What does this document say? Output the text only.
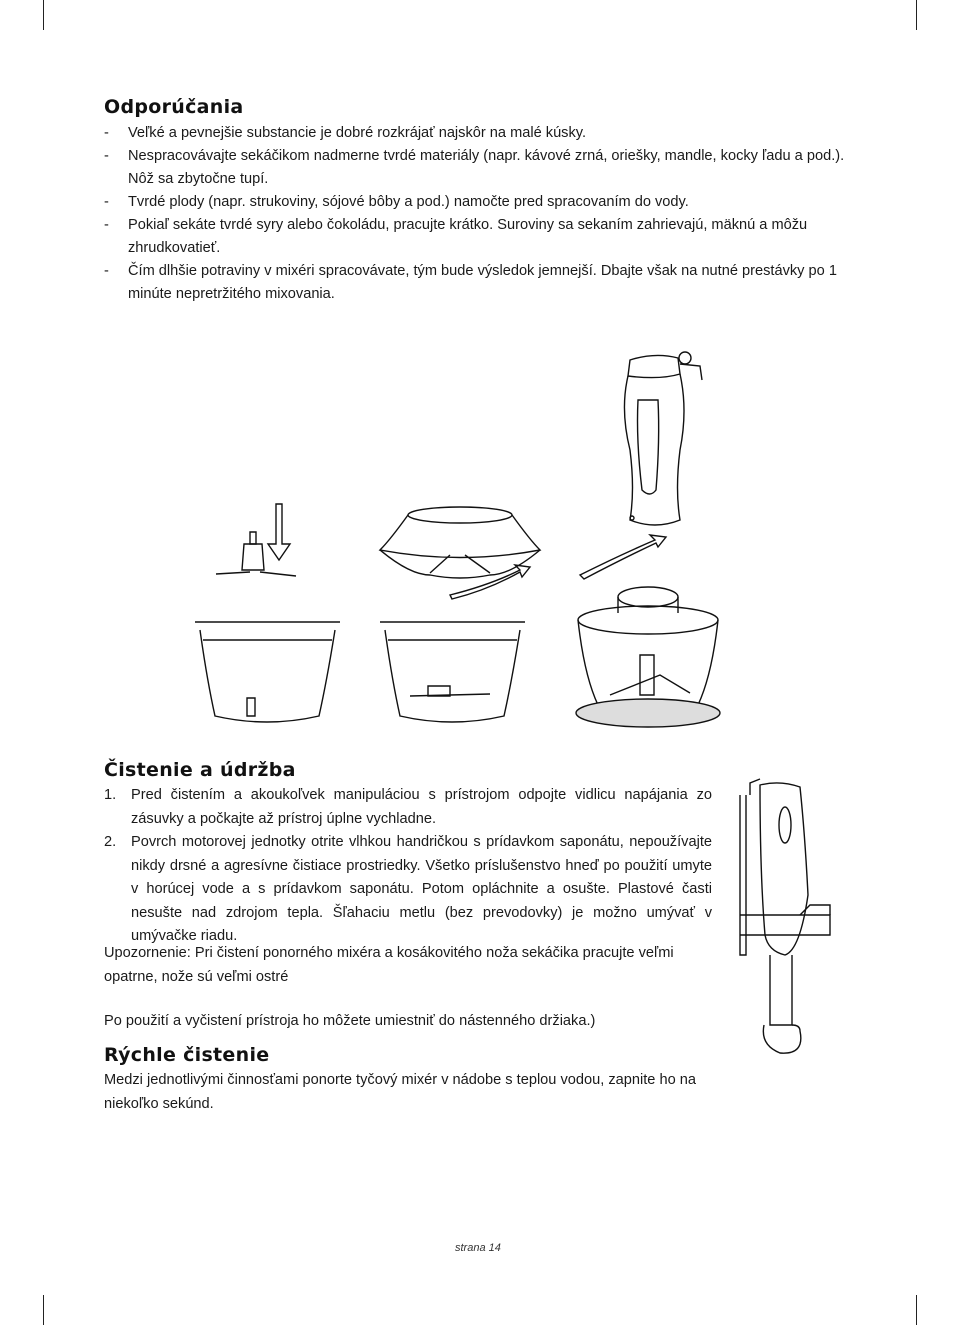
Odporúčania
- Veľké a pevnejšie substancie je dobré rozkrájať najskôr na malé kúsky.
- Nespracovávajte sekáčikom nadmerne tvrdé materiály (napr. kávové zrná, oriešky, mandle, kocky ľadu a pod.). Nôž sa zbytočne tupí.
- Tvrdé plody (napr. strukoviny, sójové bôby a pod.) namočte pred spracovaním do vody.
- Pokiaľ sekáte tvrdé syry alebo čokoládu, pracujte krátko. Suroviny sa sekaním zahrievajú, mäknú a môžu zhrudkovatieť.
- Čím dlhšie potraviny v mixéri spracovávate, tým bude výsledok jemnejší. Dbajte však na nutné prestávky po 1 minúte nepretržitého mixovania.
Čistenie a údržba
1. Pred čistením a akoukoľvek manipuláciou s prístrojom odpojte vidlicu napájania zo zásuvky a počkajte až prístroj úplne vychladne.
2. Povrch motorovej jednotky otrite vlhkou handričkou s prídavkom saponátu, nepoužívajte nikdy drsné a agresívne čistiace prostriedky. Všetko príslušenstvo hneď po použití umyte v horúcej vode a s prídavkom saponátu. Potom opláchnite a osušte. Plastové časti nesušte nad zdrojom tepla. Šľahaciu metlu (bez prevodovky) je možno umývať v umývačke riadu.

Upozornenie: Pri čistení ponorného mixéra a kosákovitého noža sekáčika pracujte veľmi opatrne, nože sú veľmi ostré

Po použití a vyčistení prístroja ho môžete umiestniť do nástenného držiaka.)

Rýchle čistenie

Medzi jednotlivými činnosťami ponorte tyčový mixér v nádobe s teplou vodou, zapnite ho na niekoľko sekúnd.

strana 14
